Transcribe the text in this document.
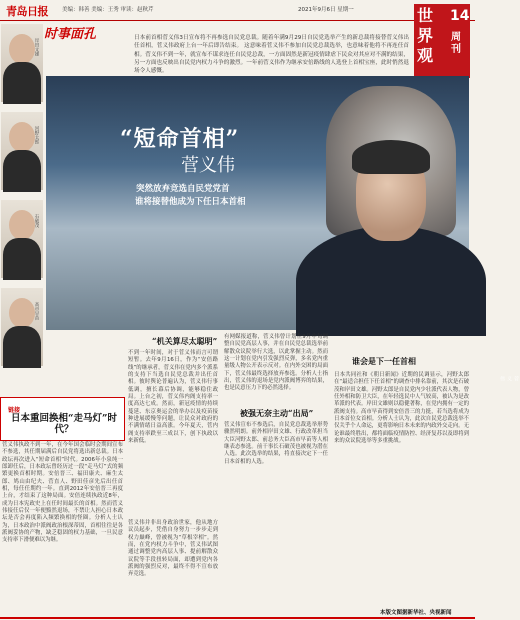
青岛日报	美编：韩善 美编：王秀 审读：赵秋芹	2021年9月6日 星期一	世界观
14
周刊
时事面孔	日本前首相菅义伟3日宣布将不再参选自民党总裁。随着年满9月29日自民党选举产生的新总裁将接替菅义伟出任首相，菅义伟政府上台一年后即告结束。 这意味着菅义伟不参加自民党总裁选举，也意味着他将不再连任首相。菅义伟不到一年，就宣布不谋求连任自民党总裁，一方面固然是新冠疫情肆虐下民众对其应对不满的结果，另一方面也反映出自民党内权力斗争的激烈。一年前菅义伟作为继承安倍路线的人选登上首相宝座，此时悄然退场令人感慨。
岸田文雄
河野太郎
石破茂
高市早苗
菅义伟
“短命首相”
菅义伟
突然放弃竞选自民党党首
谁将接替他成为下任日本首相
链接
日本重回换相“走马灯”时代？
菅义伟执政不到一年，在今年国会临时会期间宣布不参选，其任期届满后自民党将选出新总裁。日本政坛再次进入“短命首相”时代。2006年小泉纯一郎卸任后，日本政坛曾经历过一段“走马灯”式的频繁更换首相时期。安倍晋三、福田康夫、麻生太郎、鸠山由纪夫、菅直人、野田佳彦先后出任首相，每任任期约一年。直到2012年安倍晋三再度上台，才结束了这种局面。安倍连续执政近8年，成为日本宪政史上在任时间最长的首相。然而菅义伟接任后仅一年便黯然退场，不禁让人担心日本政坛是否会再度陷入频繁换相的怪圈。分析人士认为，日本政治中派阀政治根深蒂固，首相往往是各派阀妥协的产物，缺乏稳固的权力基础，一旦民意支持率下滑便难以为继。
“机关算尽太聪明”
不到一年时间，对于菅义伟而言可谓短暂。去年9月16日，作为“安倍路线”的继承者，菅义伟在党内多个派系的支持下当选自民党总裁并出任首相。彼时舆论普遍认为，菅义伟行事低调，擅长幕后协调，能够稳住政局。上台之初，菅义伟内阁支持率一度高达七成。然而，新冠疫情的持续蔓延、东京奥运会的举办以及疫苗接种进展缓慢等问题，让民众对政府的不满情绪日益高涨。今年夏天，菅内阁支持率跌至三成以下，创下执政以来新低。
菅义伟并非出身政治世家，他从地方议员起步，凭借自身努力一步步走到权力巅峰，曾被视为“草根宰相”。然而，在党内权力斗争中，菅义伟试图通过调整党内高层人事、提前解散众议院等手段扭转局面，却遭到党内各派阀的强烈反对，最终不得不宣布放弃竞选。
有网媒报道称，菅义伟曾计划在9月中旬调整自民党高层人事，并在自民党总裁选举前解散众议院举行大选，以此掌握主动。然而这一计划在党内引发强烈反弹，多名党内重量级人物公开表示反对。在内外交困的局面下，菅义伟最终选择放弃参选。分析人士指出，菅义伟的退场是党内派阀博弈的结果，也是民意压力下的必然选择。
被强无奈主动“出局”
菅义伟宣布不参选后，自民党总裁选举形势骤然明朗。前外相岸田文雄、行政改革担当大臣河野太郎、前总务大臣高市早苗等人相继表态参选。前干事长石破茂也被视为潜在人选。此次选举的结果，将直接决定下一任日本首相的人选。
谁会是下一任首相
日本共同社和《朝日新闻》近期的民调显示，河野太郎在“最适合担任下任首相”的调查中排名靠前，其次是石破茂和岸田文雄。河野太郎是自民党内少壮派代表人物，曾任外相和防卫大臣，在年轻选民中人气较高，被认为是改革派的代表。岸田文雄则以稳健著称，在党内拥有一定的派阀支持。高市早苗得到安倍晋三的力挺，若当选将成为日本首位女首相。分析人士认为，此次自民党总裁选举不仅关乎个人命运，更将影响日本未来的内政外交走向。无论谁最终胜出，都将面临疫情防控、经济复苏以及即将到来的众议院选举等多重挑战。
本版文图据新华社、央视新闻
